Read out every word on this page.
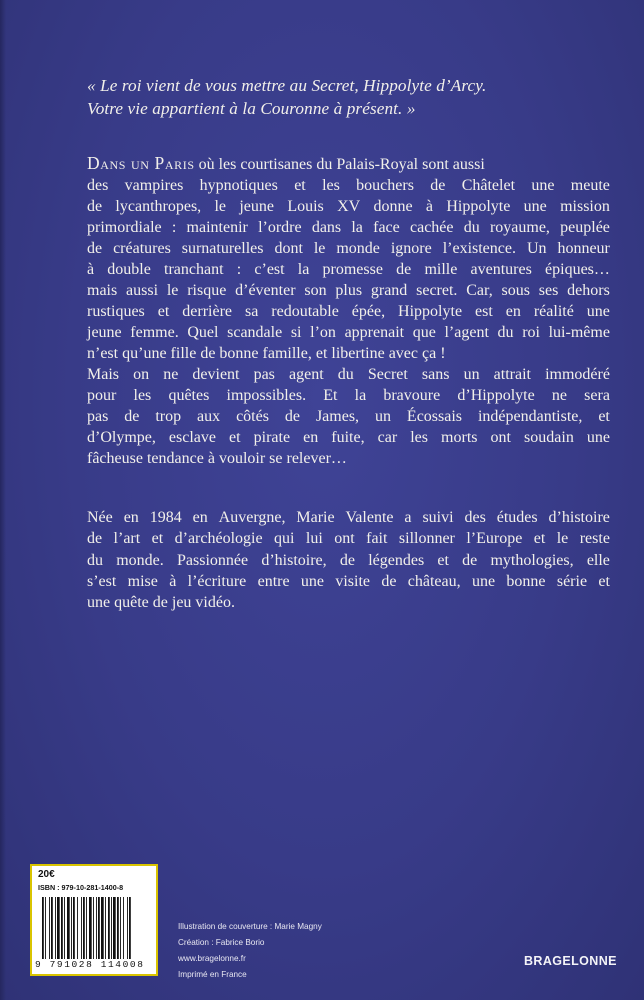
« Le roi vient de vous mettre au Secret, Hippolyte d’Arcy.
Votre vie appartient à la Couronne à présent. »
Dans un Paris où les courtisanes du Palais-Royal sont aussi
des vampires hypnotiques et les bouchers de Châtelet une meute
de lycanthropes, le jeune Louis XV donne à Hippolyte une mission
primordiale : maintenir l’ordre dans la face cachée du royaume, peuplée
de créatures surnaturelles dont le monde ignore l’existence. Un honneur
à double tranchant : c’est la promesse de mille aventures épiques…
mais aussi le risque d’éventer son plus grand secret. Car, sous ses dehors
rustiques et derrière sa redoutable épée, Hippolyte est en réalité une
jeune femme. Quel scandale si l’on apprenait que l’agent du roi lui-même
n’est qu’une fille de bonne famille, et libertine avec ça !
Mais on ne devient pas agent du Secret sans un attrait immodéré
pour les quêtes impossibles. Et la bravoure d’Hippolyte ne sera
pas de trop aux côtés de James, un Écossais indépendantiste, et
d’Olympe, esclave et pirate en fuite, car les morts ont soudain une
fâcheuse tendance à vouloir se relever…
Née en 1984 en Auvergne, Marie Valente a suivi des études d’histoire
de l’art et d’archéologie qui lui ont fait sillonner l’Europe et le reste
du monde. Passionnée d’histoire, de légendes et de mythologies, elle
s’est mise à l’écriture entre une visite de château, une bonne série et
une quête de jeu vidéo.
20€
ISBN : 979-10-281-1400-8
9 791028 114008
Illustration de couverture : Marie Magny
Création : Fabrice Borio
www.bragelonne.fr
Imprimé en France
BRAGELONNE
